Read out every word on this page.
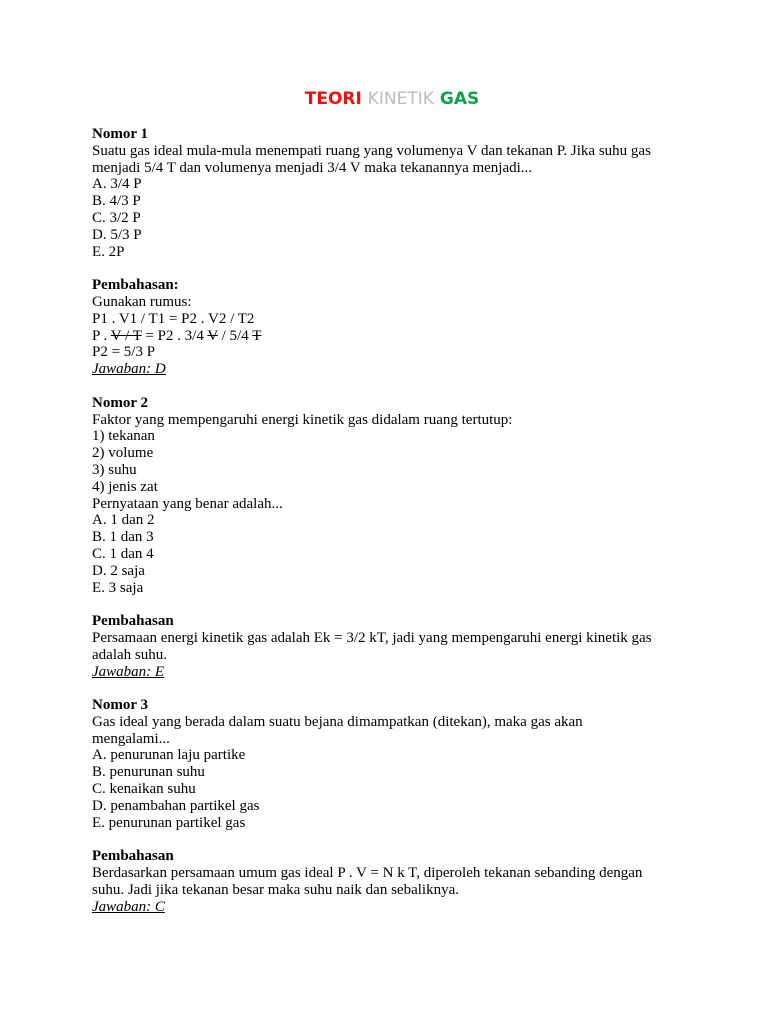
TEORI KINETIK GAS
Nomor 1
Suatu gas ideal mula-mula menempati ruang yang volumenya V dan tekanan P. Jika suhu gas
menjadi 5/4 T dan volumenya menjadi 3/4 V maka tekanannya menjadi...
A. 3/4 P
B. 4/3 P
C. 3/2 P
D. 5/3 P
E. 2P
Pembahasan:
Gunakan rumus:
P1 . V1 / T1 = P2 . V2 / T2
P . V / T = P2 . 3/4 V / 5/4 T
P2 = 5/3 P
Jawaban: D
Nomor 2
Faktor yang mempengaruhi energi kinetik gas didalam ruang tertutup:
1) tekanan
2) volume
3) suhu
4) jenis zat
Pernyataan yang benar adalah...
A. 1 dan 2
B. 1 dan 3
C. 1 dan 4
D. 2 saja
E. 3 saja
Pembahasan
Persamaan energi kinetik gas adalah Ek = 3/2 kT, jadi yang mempengaruhi energi kinetik gas
adalah suhu.
Jawaban: E
Nomor 3
Gas ideal yang berada dalam suatu bejana dimampatkan (ditekan), maka gas akan
mengalami...
A. penurunan laju partike
B. penurunan suhu
C. kenaikan suhu
D. penambahan partikel gas
E. penurunan partikel gas
Pembahasan
Berdasarkan persamaan umum gas ideal P . V = N k T, diperoleh tekanan sebanding dengan
suhu. Jadi jika tekanan besar maka suhu naik dan sebaliknya.
Jawaban: C
